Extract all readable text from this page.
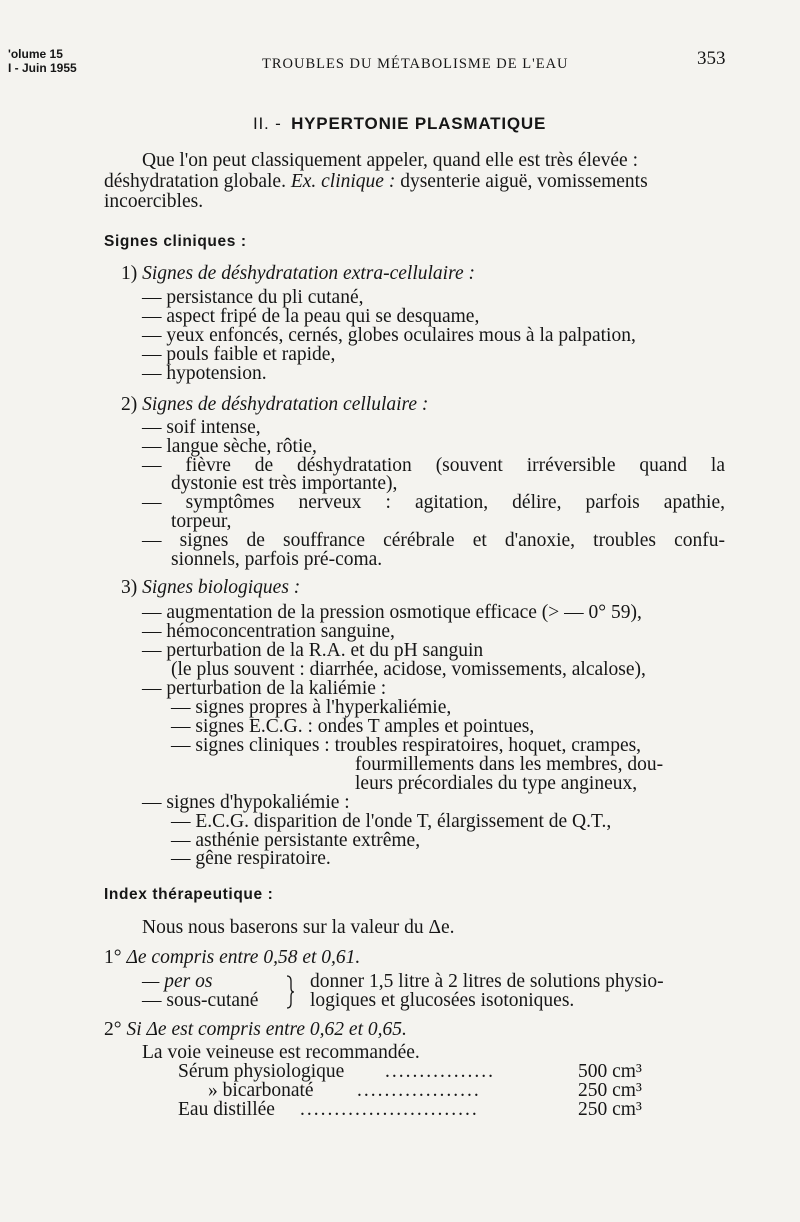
'olume 15
I - Juin 1955	TROUBLES DU MÉTABOLISME DE L'EAU	353
II. - HYPERTONIE PLASMATIQUE
Que l'on peut classiquement appeler, quand elle est très élevée :
déshydratation globale. Ex. clinique : dysenterie aiguë, vomissements
incoercibles.
Signes cliniques :
1) Signes de déshydratation extra-cellulaire :
— persistance du pli cutané,
— aspect fripé de la peau qui se desquame,
— yeux enfoncés, cernés, globes oculaires mous à la palpation,
— pouls faible et rapide,
— hypotension.
2) Signes de déshydratation cellulaire :
— soif intense,
— langue sèche, rôtie,
— fièvre de déshydratation (souvent irréversible quand la
dystonie est très importante),
— symptômes nerveux : agitation, délire, parfois apathie,
torpeur,
— signes de souffrance cérébrale et d'anoxie, troubles confu-
sionnels, parfois pré-coma.
3) Signes biologiques :
— augmentation de la pression osmotique efficace (> — 0° 59),
— hémoconcentration sanguine,
— perturbation de la R.A. et du pH sanguin
(le plus souvent : diarrhée, acidose, vomissements, alcalose),
— perturbation de la kaliémie :
— signes propres à l'hyperkaliémie,
— signes E.C.G. : ondes T amples et pointues,
— signes cliniques : troubles respiratoires, hoquet, crampes,
fourmillements dans les membres, dou-
leurs précordiales du type angineux,
— signes d'hypokaliémie :
— E.C.G. disparition de l'onde T, élargissement de Q.T.,
— asthénie persistante extrême,
— gêne respiratoire.
Index thérapeutique :
Nous nous baserons sur la valeur du Δe.
1° Δe compris entre 0,58 et 0,61.
— per os
— sous-cutané
donner 1,5 litre à 2 litres de solutions physio-
logiques et glucosées isotoniques.
2° Si Δe est compris entre 0,62 et 0,65.
La voie veineuse est recommandée.
Sérum physiologique ................	500 cm³
» bicarbonaté ..................	250 cm³
Eau distillée ..........................	250 cm³
